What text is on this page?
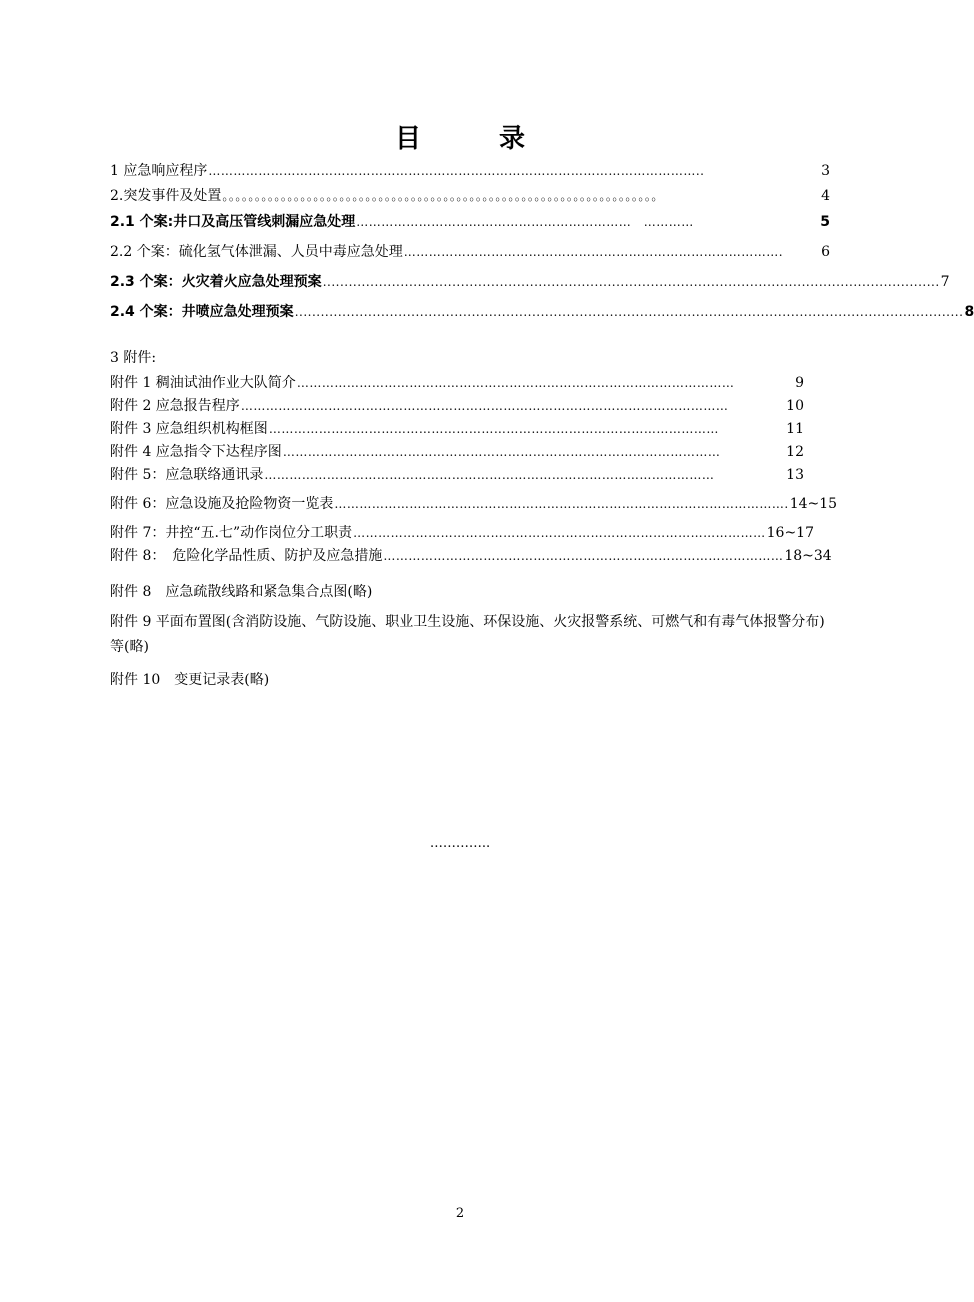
目　录
1 应急响应程序 ………………………………………………………………………………………………………..	3
2.突发事件及处置 。。。。。。。。。。。。。。。。。。。。。。。。。。。。。。。。。。。。。。。。。。。。。。。。。。。。。。。。。。。。。。。。。。。	4
2.1 个案:井口及高压管线刺漏应急处理 …………………………………………………………　…………	5
2.2 个案：硫化氢气体泄漏、人员中毒应急处理 ……………………………………………………………………………….	6
2.3 个案：火灾着火应急处理预案 ............................................................................................................................................... 7
2.4 个案：井喷应急处理预案 ........................................................................................................................................................... 8
3 附件:
附件 1 稠油试油作业大队简介 ……………………………………………………………………………………………	9
附件 2 应急报告程序 ………………………………………………………………………………………………………	10
附件 3 应急组织机构框图 ………………………………………………………………………………………………	11
附件 4 应急指令下达程序图 ……………………………………………………………………………………………	12
附件 5：应急联络通讯录 ………………………………………………………………………………………………	13
附件 6：应急设施及抢险物资一览表 ………………………………………………………………………………………………. 14~15
附件 7：井控“五.七”动作岗位分工职责 ……………………………………………………………………………………… 16~17
附件 8：　危险化学品性质、防护及应急措施 …………………………………………………………………………………… 18~34
附件 8　应急疏散线路和紧急集合点图(略)
附件 9 平面布置图(含消防设施、气防设施、职业卫生设施、环保设施、火灾报警系统、可燃气和有毒气体报警分布)等(略)
附件 10　变更记录表(略)
…………..
2
